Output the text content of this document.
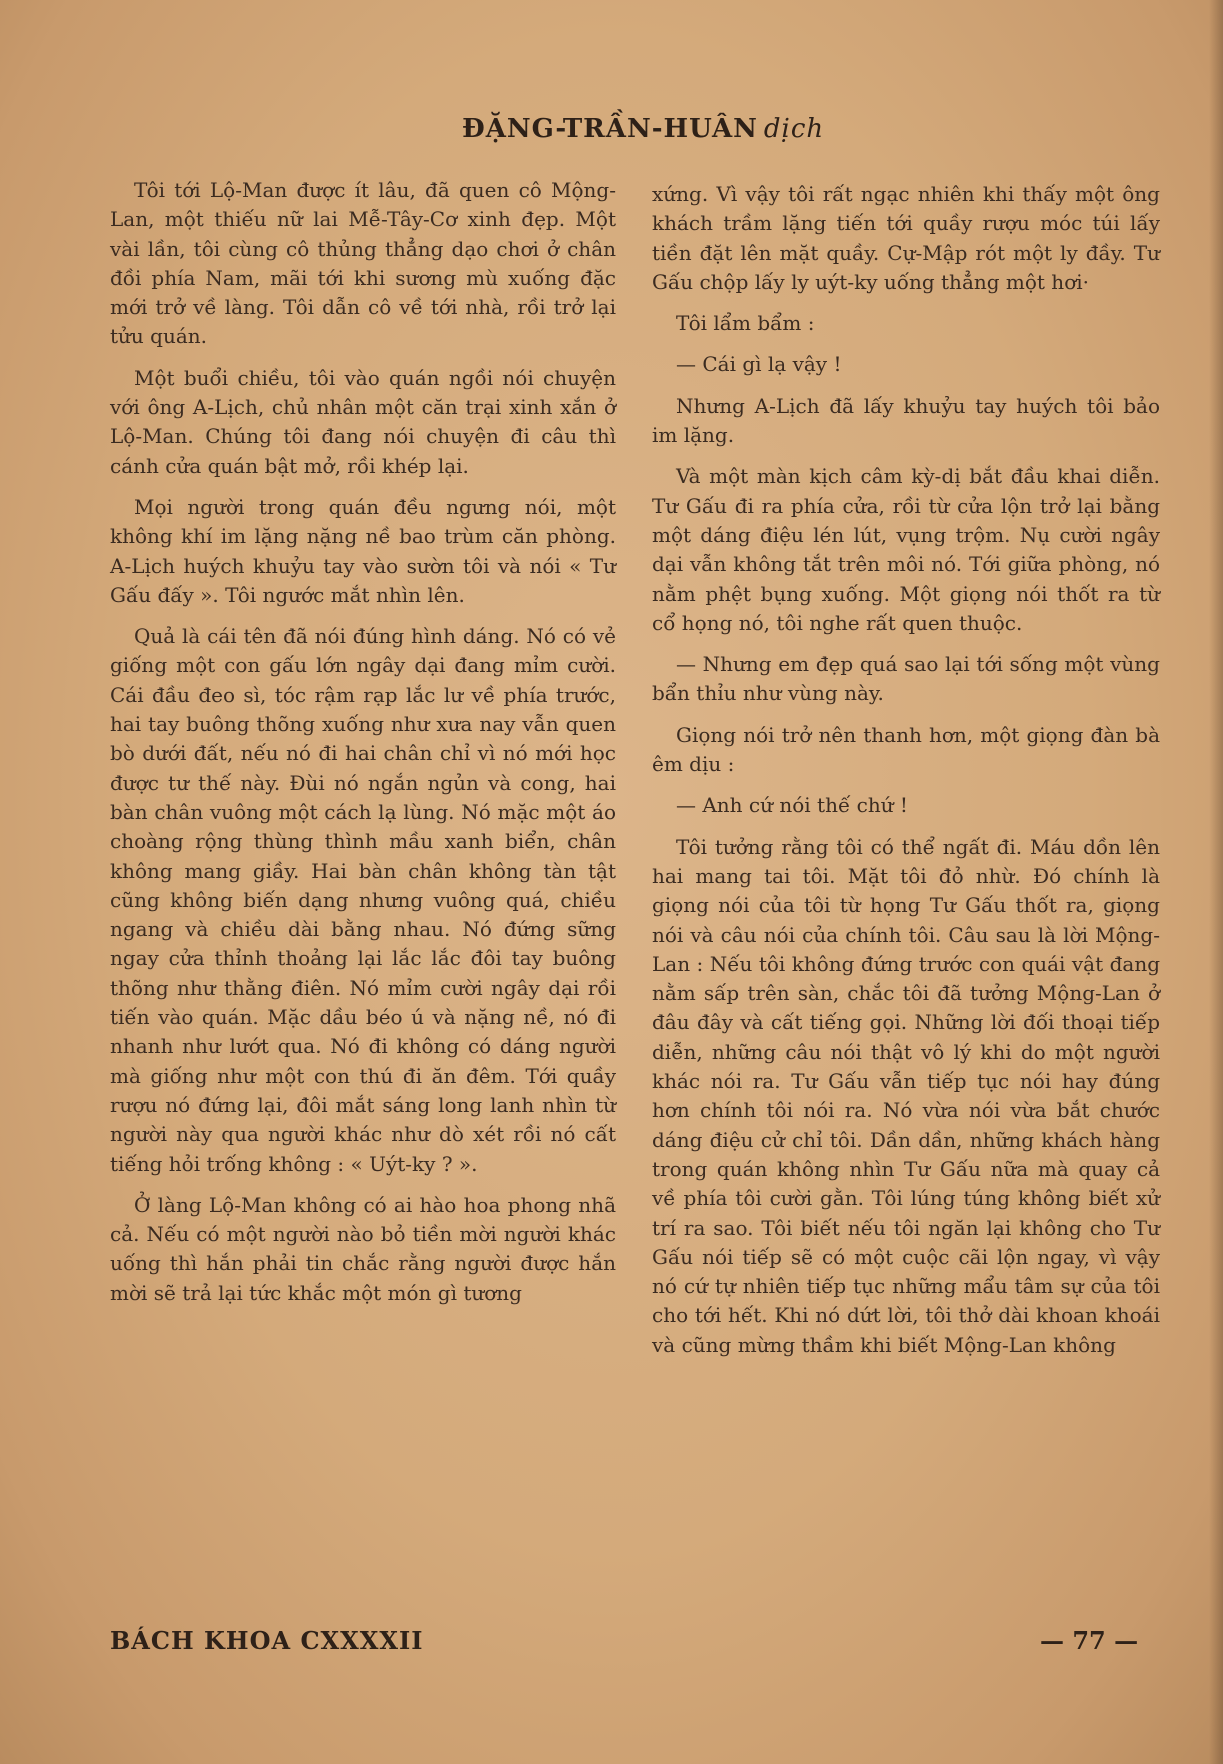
ĐẶNG-TRẦN-HUÂN dịch

Tôi tới Lộ-Man được ít lâu, đã quen cô Mộng-Lan, một thiếu nữ lai Mễ-Tây-Cơ xinh đẹp. Một vài lần, tôi cùng cô thủng thẳng dạo chơi ở chân đồi phía Nam, mãi tới khi sương mù xuống đặc mới trở về làng. Tôi dẫn cô về tới nhà, rồi trở lại tửu quán.

Một buổi chiều, tôi vào quán ngồi nói chuyện với ông A-Lịch, chủ nhân một căn trại xinh xắn ở Lộ-Man. Chúng tôi đang nói chuyện đi câu thì cánh cửa quán bật mở, rồi khép lại.

Mọi người trong quán đều ngưng nói, một không khí im lặng nặng nề bao trùm căn phòng. A-Lịch huých khuỷu tay vào sườn tôi và nói « Tư Gấu đấy ». Tôi ngước mắt nhìn lên.

Quả là cái tên đã nói đúng hình dáng. Nó có vẻ giống một con gấu lớn ngây dại đang mỉm cười. Cái đầu đeo sì, tóc rậm rạp lắc lư về phía trước, hai tay buông thõng xuống như xưa nay vẫn quen bò dưới đất, nếu nó đi hai chân chỉ vì nó mới học được tư thế này. Đùi nó ngắn ngủn và cong, hai bàn chân vuông một cách lạ lùng. Nó mặc một áo choàng rộng thùng thình mầu xanh biển, chân không mang giầy. Hai bàn chân không tàn tật cũng không biến dạng nhưng vuông quá, chiều ngang và chiều dài bằng nhau. Nó đứng sững ngay cửa thỉnh thoảng lại lắc lắc đôi tay buông thõng như thằng điên. Nó mỉm cười ngây dại rồi tiến vào quán. Mặc dầu béo ú và nặng nề, nó đi nhanh như lướt qua. Nó đi không có dáng người mà giống như một con thú đi ăn đêm. Tới quầy rượu nó đứng lại, đôi mắt sáng long lanh nhìn từ người này qua người khác như dò xét rồi nó cất tiếng hỏi trống không : « Uýt-ky ? ».

Ở làng Lộ-Man không có ai hào hoa phong nhã cả. Nếu có một người nào bỏ tiền mời người khác uống thì hắn phải tin chắc rằng người được hắn mời sẽ trả lại tức khắc một món gì tương

xứng. Vì vậy tôi rất ngạc nhiên khi thấy một ông khách trầm lặng tiến tới quầy rượu móc túi lấy tiền đặt lên mặt quầy. Cự-Mập rót một ly đầy. Tư Gấu chộp lấy ly uýt-ky uống thẳng một hơi·

Tôi lẩm bẩm :

— Cái gì lạ vậy !

Nhưng A-Lịch đã lấy khuỷu tay huých tôi bảo im lặng.

Và một màn kịch câm kỳ-dị bắt đầu khai diễn. Tư Gấu đi ra phía cửa, rồi từ cửa lộn trở lại bằng một dáng điệu lén lút, vụng trộm. Nụ cười ngây dại vẫn không tắt trên môi nó. Tới giữa phòng, nó nằm phệt bụng xuống. Một giọng nói thốt ra từ cổ họng nó, tôi nghe rất quen thuộc.

— Nhưng em đẹp quá sao lại tới sống một vùng bẩn thỉu như vùng này.

Giọng nói trở nên thanh hơn, một giọng đàn bà êm dịu :

— Anh cứ nói thế chứ !

Tôi tưởng rằng tôi có thể ngất đi. Máu dồn lên hai mang tai tôi. Mặt tôi đỏ nhừ. Đó chính là giọng nói của tôi từ họng Tư Gấu thốt ra, giọng nói và câu nói của chính tôi. Câu sau là lời Mộng-Lan : Nếu tôi không đứng trước con quái vật đang nằm sấp trên sàn, chắc tôi đã tưởng Mộng-Lan ở đâu đây và cất tiếng gọi. Những lời đối thoại tiếp diễn, những câu nói thật vô lý khi do một người khác nói ra. Tư Gấu vẫn tiếp tục nói hay đúng hơn chính tôi nói ra. Nó vừa nói vừa bắt chước dáng điệu cử chỉ tôi. Dần dần, những khách hàng trong quán không nhìn Tư Gấu nữa mà quay cả về phía tôi cười gằn. Tôi lúng túng không biết xử trí ra sao. Tôi biết nếu tôi ngăn lại không cho Tư Gấu nói tiếp sẽ có một cuộc cãi lộn ngay, vì vậy nó cứ tự nhiên tiếp tục những mẩu tâm sự của tôi cho tới hết. Khi nó dứt lời, tôi thở dài khoan khoái và cũng mừng thầm khi biết Mộng-Lan không

BÁCH KHOA CXXXXII	— 77 —
